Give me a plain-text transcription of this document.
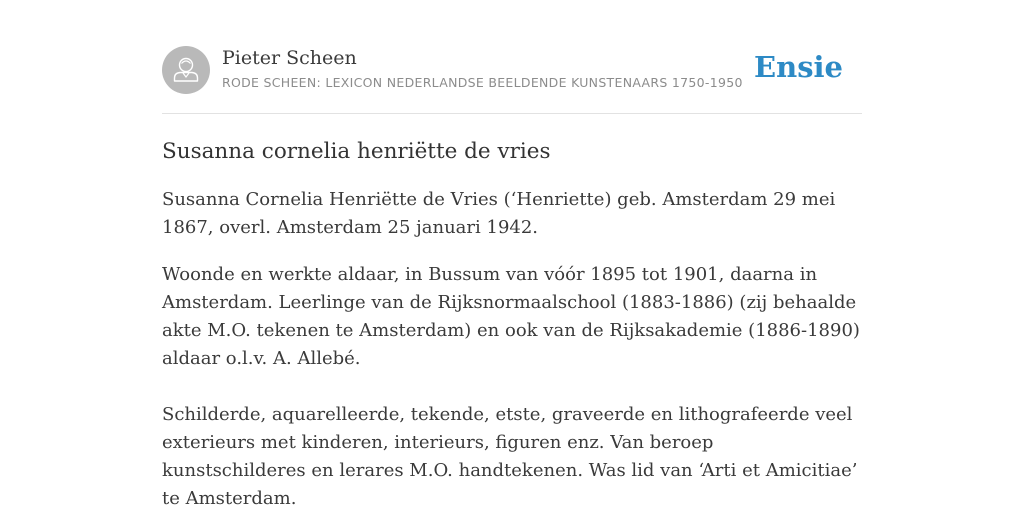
Pieter Scheen
RODE SCHEEN: LEXICON NEDERLANDSE BEELDENDE KUNSTENAARS 1750-1950 Ensie
Susanna cornelia henriëtte de vries

Susanna Cornelia Henriëtte de Vries (‘Henriette) geb. Amsterdam 29 mei 1867, overl. Amsterdam 25 januari 1942.

Woonde en werkte aldaar, in Bussum van vóór 1895 tot 1901, daarna in Amsterdam. Leerlinge van de Rijksnormaalschool (1883-1886) (zij behaalde akte M.O. tekenen te Amsterdam) en ook van de Rijksakademie (1886-1890) aldaar o.l.v. A. Allebé.

Schilderde, aquarelleerde, tekende, etste, graveerde en lithografeerde veel exterieurs met kinderen, interieurs, figuren enz. Van beroep kunstschilderes en lerares M.O. handtekenen. Was lid van ‘Arti et Amicitiae’ te Amsterdam.
